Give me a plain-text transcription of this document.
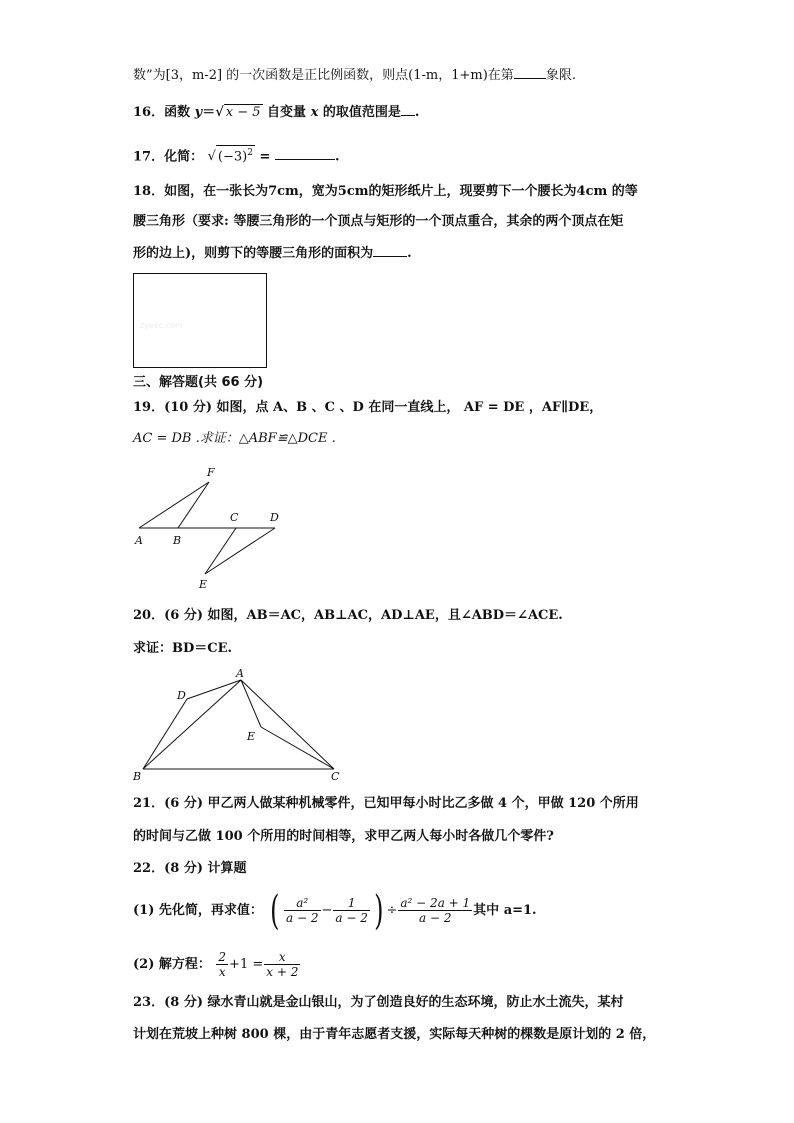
数”为[3，m-2] 的一次函数是正比例函数，则点(1-m，1+m)在第 象限.
16．函数 y＝√ x − 5 自变量 x 的取值范围是 .
17．化简： √ $(-3)^2$ =	.
18．如图，在一张长为7cm，宽为5cm的矩形纸片上，现要剪下一个腰长为4cm 的等
腰三角形（要求: 等腰三角形的一个顶点与矩形的一个顶点重合，其余的两个顶点在矩
形的边上)，则剪下的等腰三角形的面积为	.
zyeec.com
三、解答题(共 66 分)
19．(10 分) 如图，点 A、B 、C 、D 在同一直线上， AF = DE ，AF∥DE，
AC = DB .求证：△ABF≌△DCE .
F
A	B
C	D
E
20．(6 分) 如图，AB＝AC，AB⊥AC，AD⊥AE，且∠ABD＝∠ACE.
求证：BD＝CE.
A
D
E
B	C
21．(6 分) 甲乙两人做某种机械零件，已知甲每小时比乙多做 4 个，甲做 120 个所用
的时间与乙做 100 个所用的时间相等，求甲乙两人每小时各做几个零件?
22．(8 分) 计算题
(1) 先化简，再求值： ( $\frac{\text{a²}}{a - 2} - \frac{1}{a - 2}$ ) ÷ $\frac{\text{a² − 2a + 1}}{a - 2}$ 其中 a=1.
(2) 解方程： $\frac{2}{x} +1 = \frac{x}{x + 2}$
23．(8 分) 绿水青山就是金山银山，为了创造良好的生态环境，防止水土流失，某村
计划在荒坡上种树 800 棵，由于青年志愿者支援，实际每天种树的棵数是原计划的 2 倍，
